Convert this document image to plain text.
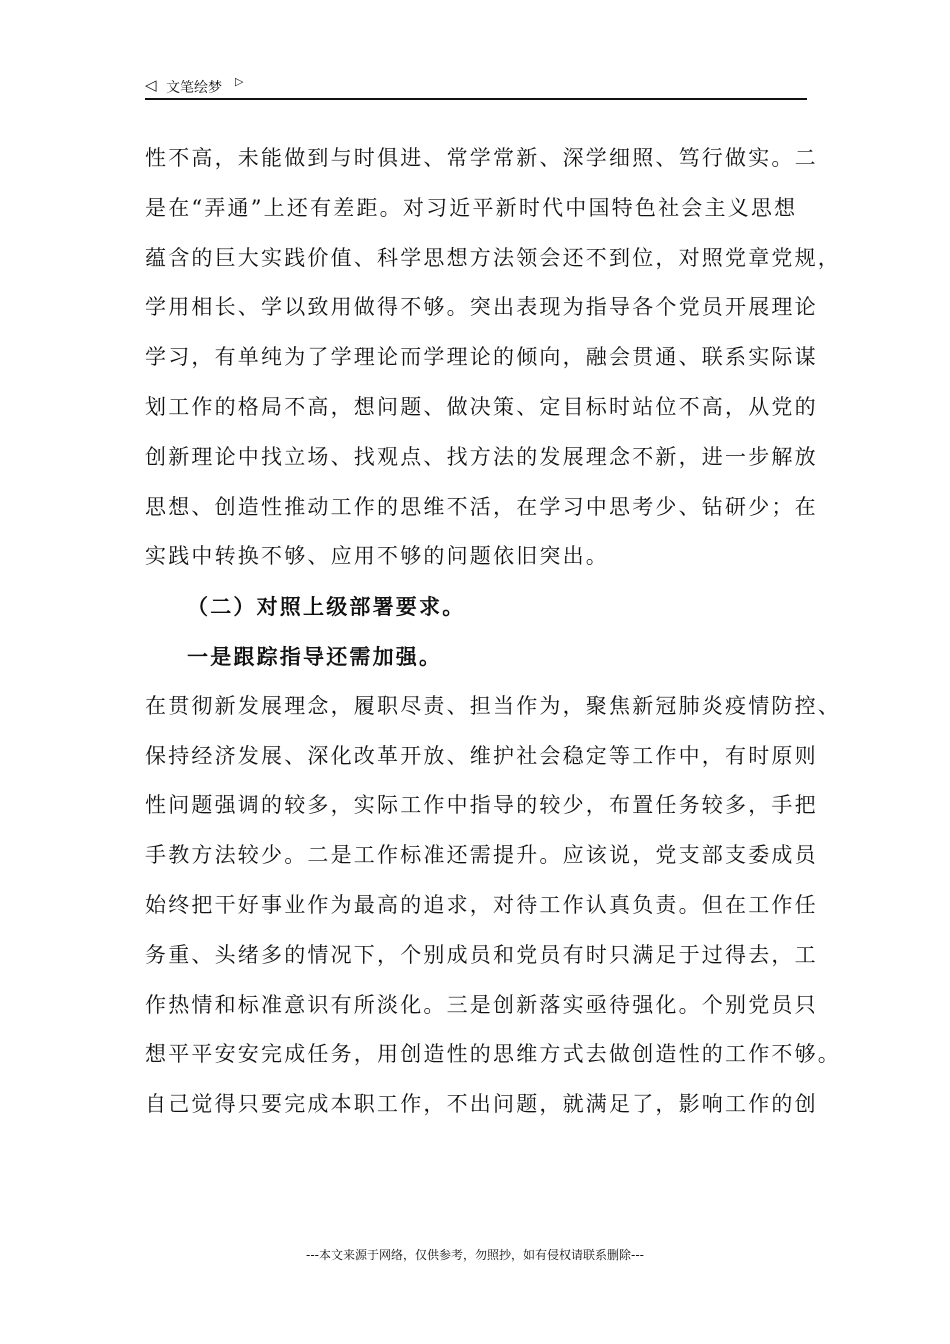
◁ 文笔绘梦 ▷
性不高，未能做到与时俱进、常学常新、深学细照、笃行做实。二
是在“弄通”上还有差距。对习近平新时代中国特色社会主义思想
蕴含的巨大实践价值、科学思想方法领会还不到位，对照党章党规，
学用相长、学以致用做得不够。突出表现为指导各个党员开展理论
学习，有单纯为了学理论而学理论的倾向，融会贯通、联系实际谋
划工作的格局不高，想问题、做决策、定目标时站位不高，从党的
创新理论中找立场、找观点、找方法的发展理念不新，进一步解放
思想、创造性推动工作的思维不活，在学习中思考少、钻研少；在
实践中转换不够、应用不够的问题依旧突出。
（二）对照上级部署要求。
一是跟踪指导还需加强。
在贯彻新发展理念，履职尽责、担当作为，聚焦新冠肺炎疫情防控、
保持经济发展、深化改革开放、维护社会稳定等工作中，有时原则
性问题强调的较多，实际工作中指导的较少，布置任务较多，手把
手教方法较少。二是工作标准还需提升。应该说，党支部支委成员
始终把干好事业作为最高的追求，对待工作认真负责。但在工作任
务重、头绪多的情况下，个别成员和党员有时只满足于过得去，工
作热情和标准意识有所淡化。三是创新落实亟待强化。个别党员只
想平平安安完成任务，用创造性的思维方式去做创造性的工作不够。
自己觉得只要完成本职工作，不出问题，就满足了，影响工作的创
---本文来源于网络，仅供参考，勿照抄，如有侵权请联系删除---
